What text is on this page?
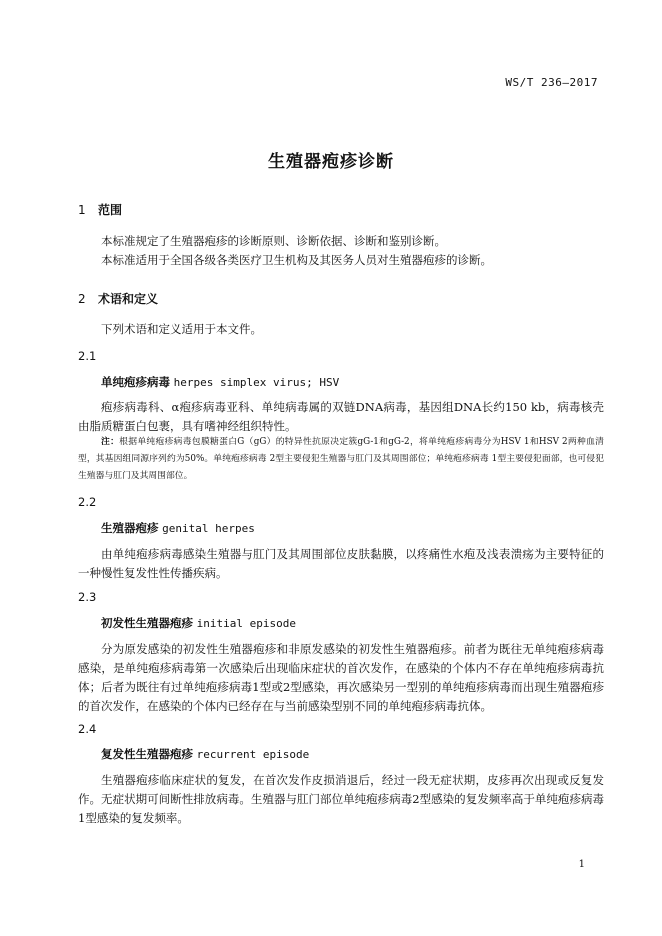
WS/T 236—2017
生殖器疱疹诊断
1 范围
本标准规定了生殖器疱疹的诊断原则、诊断依据、诊断和鉴别诊断。
本标准适用于全国各级各类医疗卫生机构及其医务人员对生殖器疱疹的诊断。
2 术语和定义
下列术语和定义适用于本文件。
2.1
单纯疱疹病毒 herpes simplex virus; HSV
疱疹病毒科、α疱疹病毒亚科、单纯病毒属的双链DNA病毒，基因组DNA长约150 kb，病毒核壳由脂质糖蛋白包裹，具有嗜神经组织特性。
注：根据单纯疱疹病毒包膜糖蛋白G（gG）的特异性抗原决定簇gG-1和gG-2，将单纯疱疹病毒分为HSV 1和HSV 2两种血清型，其基因组同源序列约为50%。单纯疱疹病毒 2型主要侵犯生殖器与肛门及其周围部位；单纯疱疹病毒 1型主要侵犯面部，也可侵犯生殖器与肛门及其周围部位。
2.2
生殖器疱疹 genital herpes
由单纯疱疹病毒感染生殖器与肛门及其周围部位皮肤黏膜，以疼痛性水疱及浅表溃疡为主要特征的一种慢性复发性性传播疾病。
2.3
初发性生殖器疱疹 initial episode
分为原发感染的初发性生殖器疱疹和非原发感染的初发性生殖器疱疹。前者为既往无单纯疱疹病毒感染，是单纯疱疹病毒第一次感染后出现临床症状的首次发作，在感染的个体内不存在单纯疱疹病毒抗体；后者为既往有过单纯疱疹病毒1型或2型感染，再次感染另一型别的单纯疱疹病毒而出现生殖器疱疹的首次发作，在感染的个体内已经存在与当前感染型别不同的单纯疱疹病毒抗体。
2.4
复发性生殖器疱疹 recurrent episode
生殖器疱疹临床症状的复发，在首次发作皮损消退后，经过一段无症状期，皮疹再次出现或反复发作。无症状期可间断性排放病毒。生殖器与肛门部位单纯疱疹病毒2型感染的复发频率高于单纯疱疹病毒1型感染的复发频率。
1
